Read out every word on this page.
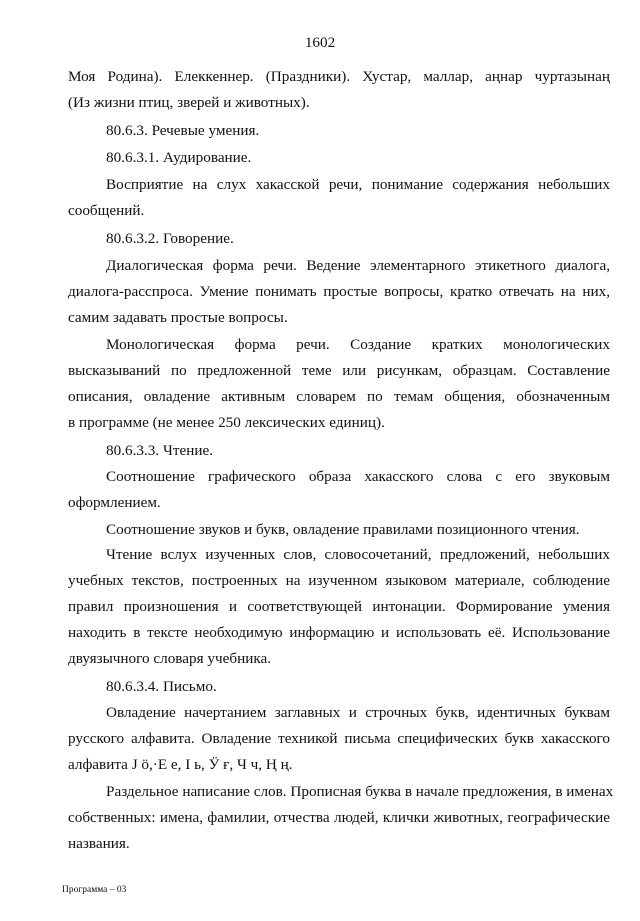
1602
Моя Родина). Елеккеннер. (Праздники). Хустар, маллар, аңнар чуртазынаң
(Из жизни птиц, зверей и животных).
80.6.3. Речевые умения.
80.6.3.1. Аудирование.
Восприятие на слух хакасской речи, понимание содержания небольших
сообщений.
80.6.3.2. Говорение.
Диалогическая форма речи. Ведение элементарного этикетного диалога,
диалога-расспроса. Умение понимать простые вопросы, кратко отвечать на них,
самим задавать простые вопросы.
Монологическая форма речи. Создание кратких монологических
высказываний по предложенной теме или рисункам, образцам. Составление
описания, овладение активным словарем по темам общения, обозначенным
в программе (не менее 250 лексических единиц).
80.6.3.3. Чтение.
Соотношение графического образа хакасского слова с его звуковым
оформлением.
Соотношение звуков и букв, овладение правилами позиционного чтения.
Чтение вслух изученных слов, словосочетаний, предложений, небольших
учебных текстов, построенных на изученном языковом материале, соблюдение
правил произношения и соответствующей интонации. Формирование умения
находить в тексте необходимую информацию и использовать её. Использование
двуязычного словаря учебника.
80.6.3.4. Письмо.
Овладение начертанием заглавных и строчных букв, идентичных буквам
русского алфавита. Овладение техникой письма специфических букв хакасского
алфавита Ј ӧ,·Е е, І ь, Ӱ ғ, Ч ч, Ң ң.
Раздельное написание слов. Прописная буква в начале предложения, в именах
собственных: имена, фамилии, отчества людей, клички животных, географические
названия.
Программа – 03
